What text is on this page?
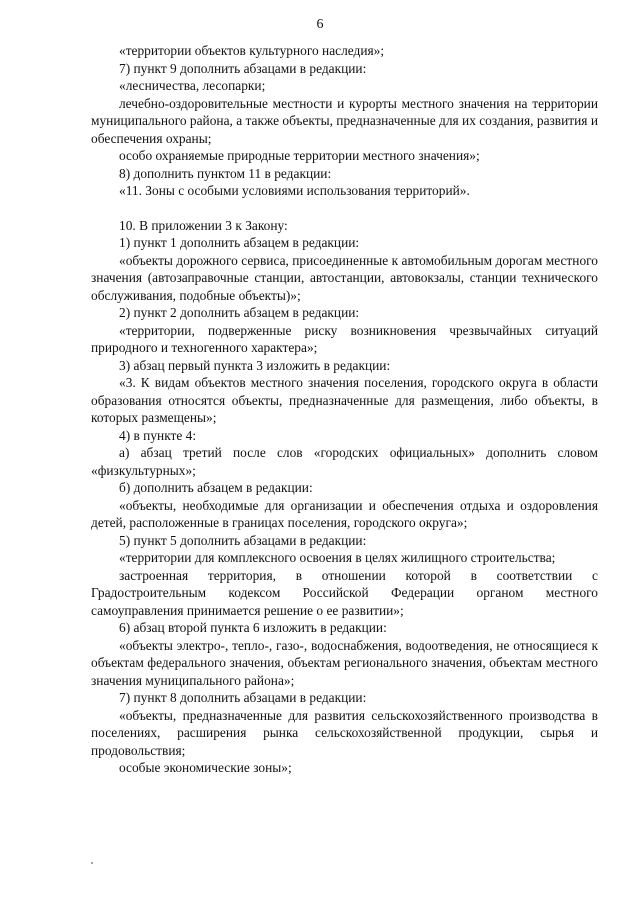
6

«территории объектов культурного наследия»;

7) пункт 9 дополнить абзацами в редакции:

«лесничества, лесопарки;

лечебно-оздоровительные местности и курорты местного значения на территории муниципального района, а также объекты, предназначенные для их создания, развития и обеспечения охраны;

особо охраняемые природные территории местного значения»;

8) дополнить пунктом 11 в редакции:

«11. Зоны с особыми условиями использования территорий».

10. В приложении 3 к Закону:

1) пункт 1 дополнить абзацем в редакции:

«объекты дорожного сервиса, присоединенные к автомобильным дорогам местного значения (автозаправочные станции, автостанции, автовокзалы, станции технического обслуживания, подобные объекты)»;

2) пункт 2 дополнить абзацем в редакции:

«территории, подверженные риску возникновения чрезвычайных ситуаций природного и техногенного характера»;

3) абзац первый пункта 3 изложить в редакции:

«3. К видам объектов местного значения поселения, городского округа в области образования относятся объекты, предназначенные для размещения, либо объекты, в которых размещены»;

4) в пункте 4:

а) абзац третий после слов «городских официальных» дополнить словом «физкультурных»;

б) дополнить абзацем в редакции:

«объекты, необходимые для организации и обеспечения отдыха и оздоровления детей, расположенные в границах поселения, городского округа»;

5) пункт 5 дополнить абзацами в редакции:

«территории для комплексного освоения в целях жилищного строительства;

застроенная территория, в отношении которой в соответствии с Градостроительным кодексом Российской Федерации органом местного самоуправления принимается решение о ее развитии»;

6) абзац второй пункта 6 изложить в редакции:

«объекты электро-, тепло-, газо-, водоснабжения, водоотведения, не относящиеся к объектам федерального значения, объектам регионального значения, объектам местного значения муниципального района»;

7) пункт 8 дополнить абзацами в редакции:

«объекты, предназначенные для развития сельскохозяйственного производства в поселениях, расширения рынка сельскохозяйственной продукции, сырья и продовольствия;

особые экономические зоны»;
